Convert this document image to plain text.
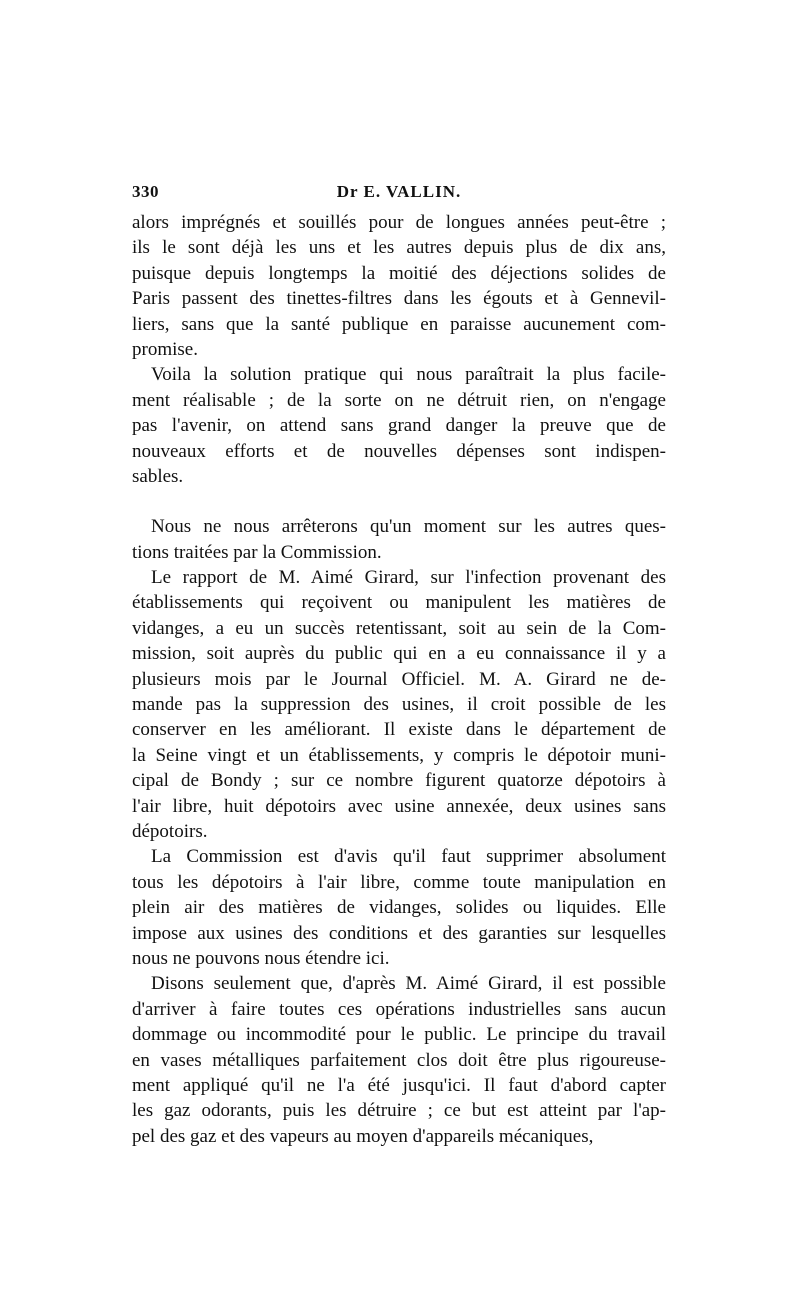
330	Dr E. VALLIN.
alors imprégnés et souillés pour de longues années peut-être ;
ils le sont déjà les uns et les autres depuis plus de dix ans,
puisque depuis longtemps la moitié des déjections solides de
Paris passent des tinettes-filtres dans les égouts et à Gennevil-
liers, sans que la santé publique en paraisse aucunement com-
promise.
Voila la solution pratique qui nous paraîtrait la plus facile-
ment réalisable ; de la sorte on ne détruit rien, on n'engage
pas l'avenir, on attend sans grand danger la preuve que de
nouveaux efforts et de nouvelles dépenses sont indispen-
sables.
Nous ne nous arrêterons qu'un moment sur les autres ques-
tions traitées par la Commission.
Le rapport de M. Aimé Girard, sur l'infection provenant des
établissements qui reçoivent ou manipulent les matières de
vidanges, a eu un succès retentissant, soit au sein de la Com-
mission, soit auprès du public qui en a eu connaissance il y a
plusieurs mois par le Journal Officiel. M. A. Girard ne de-
mande pas la suppression des usines, il croit possible de les
conserver en les améliorant. Il existe dans le département de
la Seine vingt et un établissements, y compris le dépotoir muni-
cipal de Bondy ; sur ce nombre figurent quatorze dépotoirs à
l'air libre, huit dépotoirs avec usine annexée, deux usines sans
dépotoirs.
La Commission est d'avis qu'il faut supprimer absolument
tous les dépotoirs à l'air libre, comme toute manipulation en
plein air des matières de vidanges, solides ou liquides. Elle
impose aux usines des conditions et des garanties sur lesquelles
nous ne pouvons nous étendre ici.
Disons seulement que, d'après M. Aimé Girard, il est possible
d'arriver à faire toutes ces opérations industrielles sans aucun
dommage ou incommodité pour le public. Le principe du travail
en vases métalliques parfaitement clos doit être plus rigoureuse-
ment appliqué qu'il ne l'a été jusqu'ici. Il faut d'abord capter
les gaz odorants, puis les détruire ; ce but est atteint par l'ap-
pel des gaz et des vapeurs au moyen d'appareils mécaniques,
